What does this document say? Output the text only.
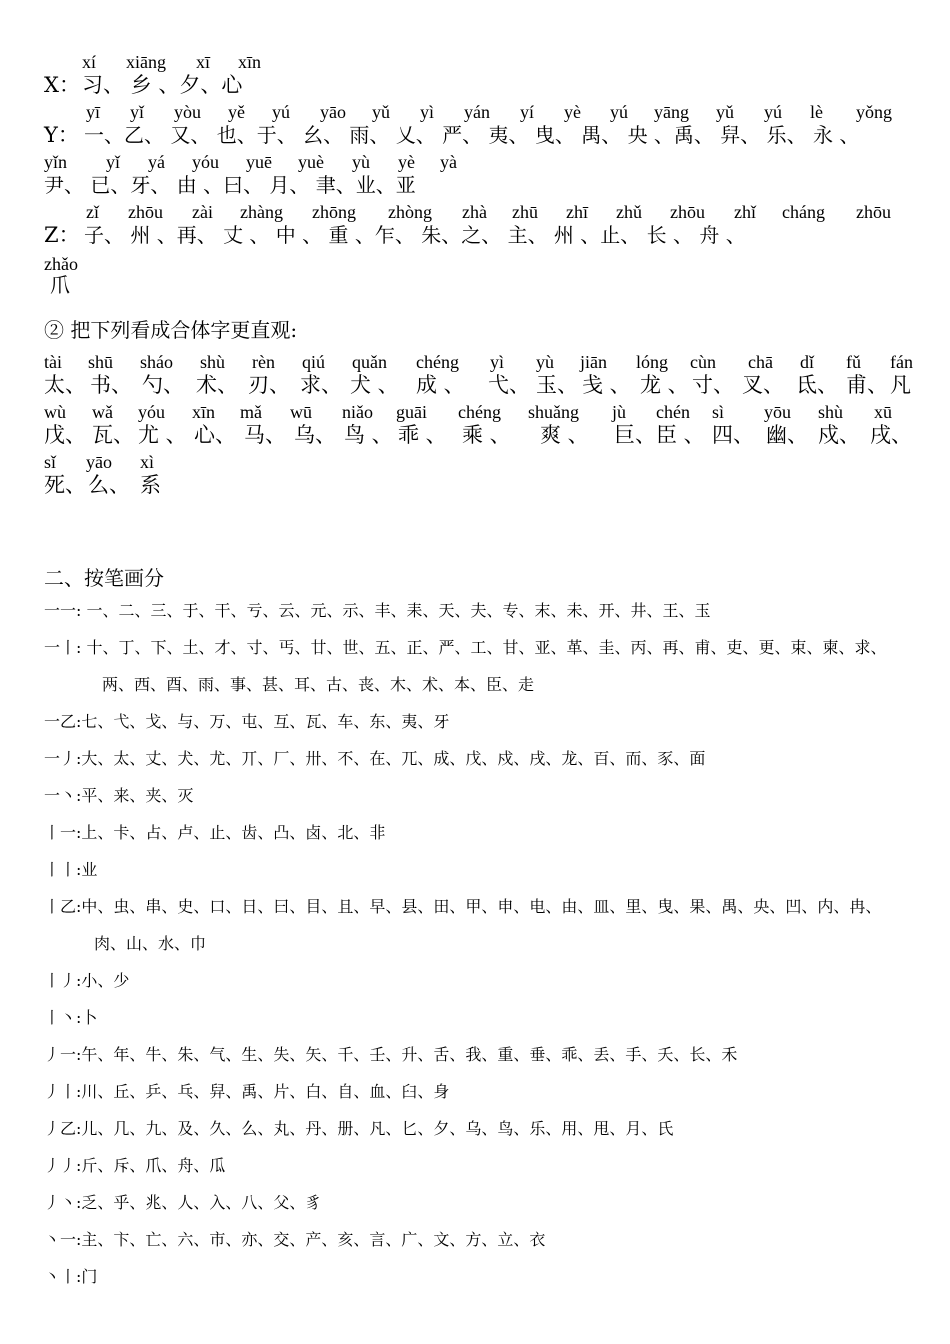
xí xiāng xī xīn
X： 习、 乡 、夕、心
yī yǐ yòu yě yú yāo yǔ yì yán yí yè yú yāng yǔ yú lè yǒng
Y： 一、乙、 又、 也、于、 幺、 雨、 乂、 严、 夷、 曳、 禺、 央 、禹、 舁、 乐、 永 、
yǐn yǐ yá yóu yuē yuè yù yè yà
尹、 已、牙、 由 、曰、 月、 聿、业、亚
zǐ zhōu zài zhàng zhōng zhòng zhà zhū zhī zhǔ zhōu zhǐ cháng zhōu
Z： 子、 州 、再、 丈 、 中 、 重 、乍、 朱、之、 主、 州 、止、 长 、 舟 、
zhǎo
爪
② 把下列看成合体字更直观:
tài shū sháo shù rèn qiú quǎn chéng yì yù jiān lóng cùn chā dǐ fǔ fán
太、 书、 勺、 术、 刃、 求、 犬 、 成 、 弋、 玉、 戋 、 龙 、 寸、 叉、 氐、 甫、 凡
wù wǎ yóu xīn mǎ wū niǎo guāi chéng shuǎng jù chén sì yōu shù xū
戊、 瓦、 尤 、 心、 马、 乌、 鸟 、 乖 、 乘 、 爽 、 巨、 臣 、 四、 幽、 戍、 戌、
sǐ yāo xì
死、 么、 系
二、按笔画分
一一: 一、二、三、于、干、亏、云、元、示、丰、耒、天、夫、专、末、未、开、井、王、玉
一丨: 十、丁、下、土、才、寸、丐、廿、世、五、正、严、工、甘、亚、革、圭、丙、再、甫、吏、更、束、柬、求、
两、西、酉、雨、事、甚、耳、古、丧、木、术、本、臣、走
一乙:七、弋、戈、与、万、屯、互、瓦、车、东、夷、牙
一丿:大、太、丈、犬、尤、丌、厂、卅、不、在、兀、成、戊、戍、戌、龙、百、而、豕、面
一丶:平、来、夹、灭
丨一:上、卡、占、卢、止、齿、凸、卤、北、非
丨丨:业
丨乙:中、虫、串、史、口、日、曰、目、且、早、县、田、甲、申、电、由、皿、里、曳、果、禺、央、凹、内、冉、
肉、山、水、巾
丨丿:小、少
丨丶:卜
丿一:午、年、牛、朱、气、生、失、矢、千、壬、升、舌、我、重、垂、乖、丢、手、夭、长、禾
丿丨:川、丘、乒、乓、舁、禹、片、白、自、血、臼、身
丿乙:儿、几、九、及、久、么、丸、丹、册、凡、匕、夕、乌、鸟、乐、用、甩、月、氏
丿丿:斤、斥、爪、舟、瓜
丿丶:乏、乎、兆、人、入、八、父、豸
丶一:主、卞、亡、六、市、亦、交、产、亥、言、广、文、方、立、衣
丶丨:门
